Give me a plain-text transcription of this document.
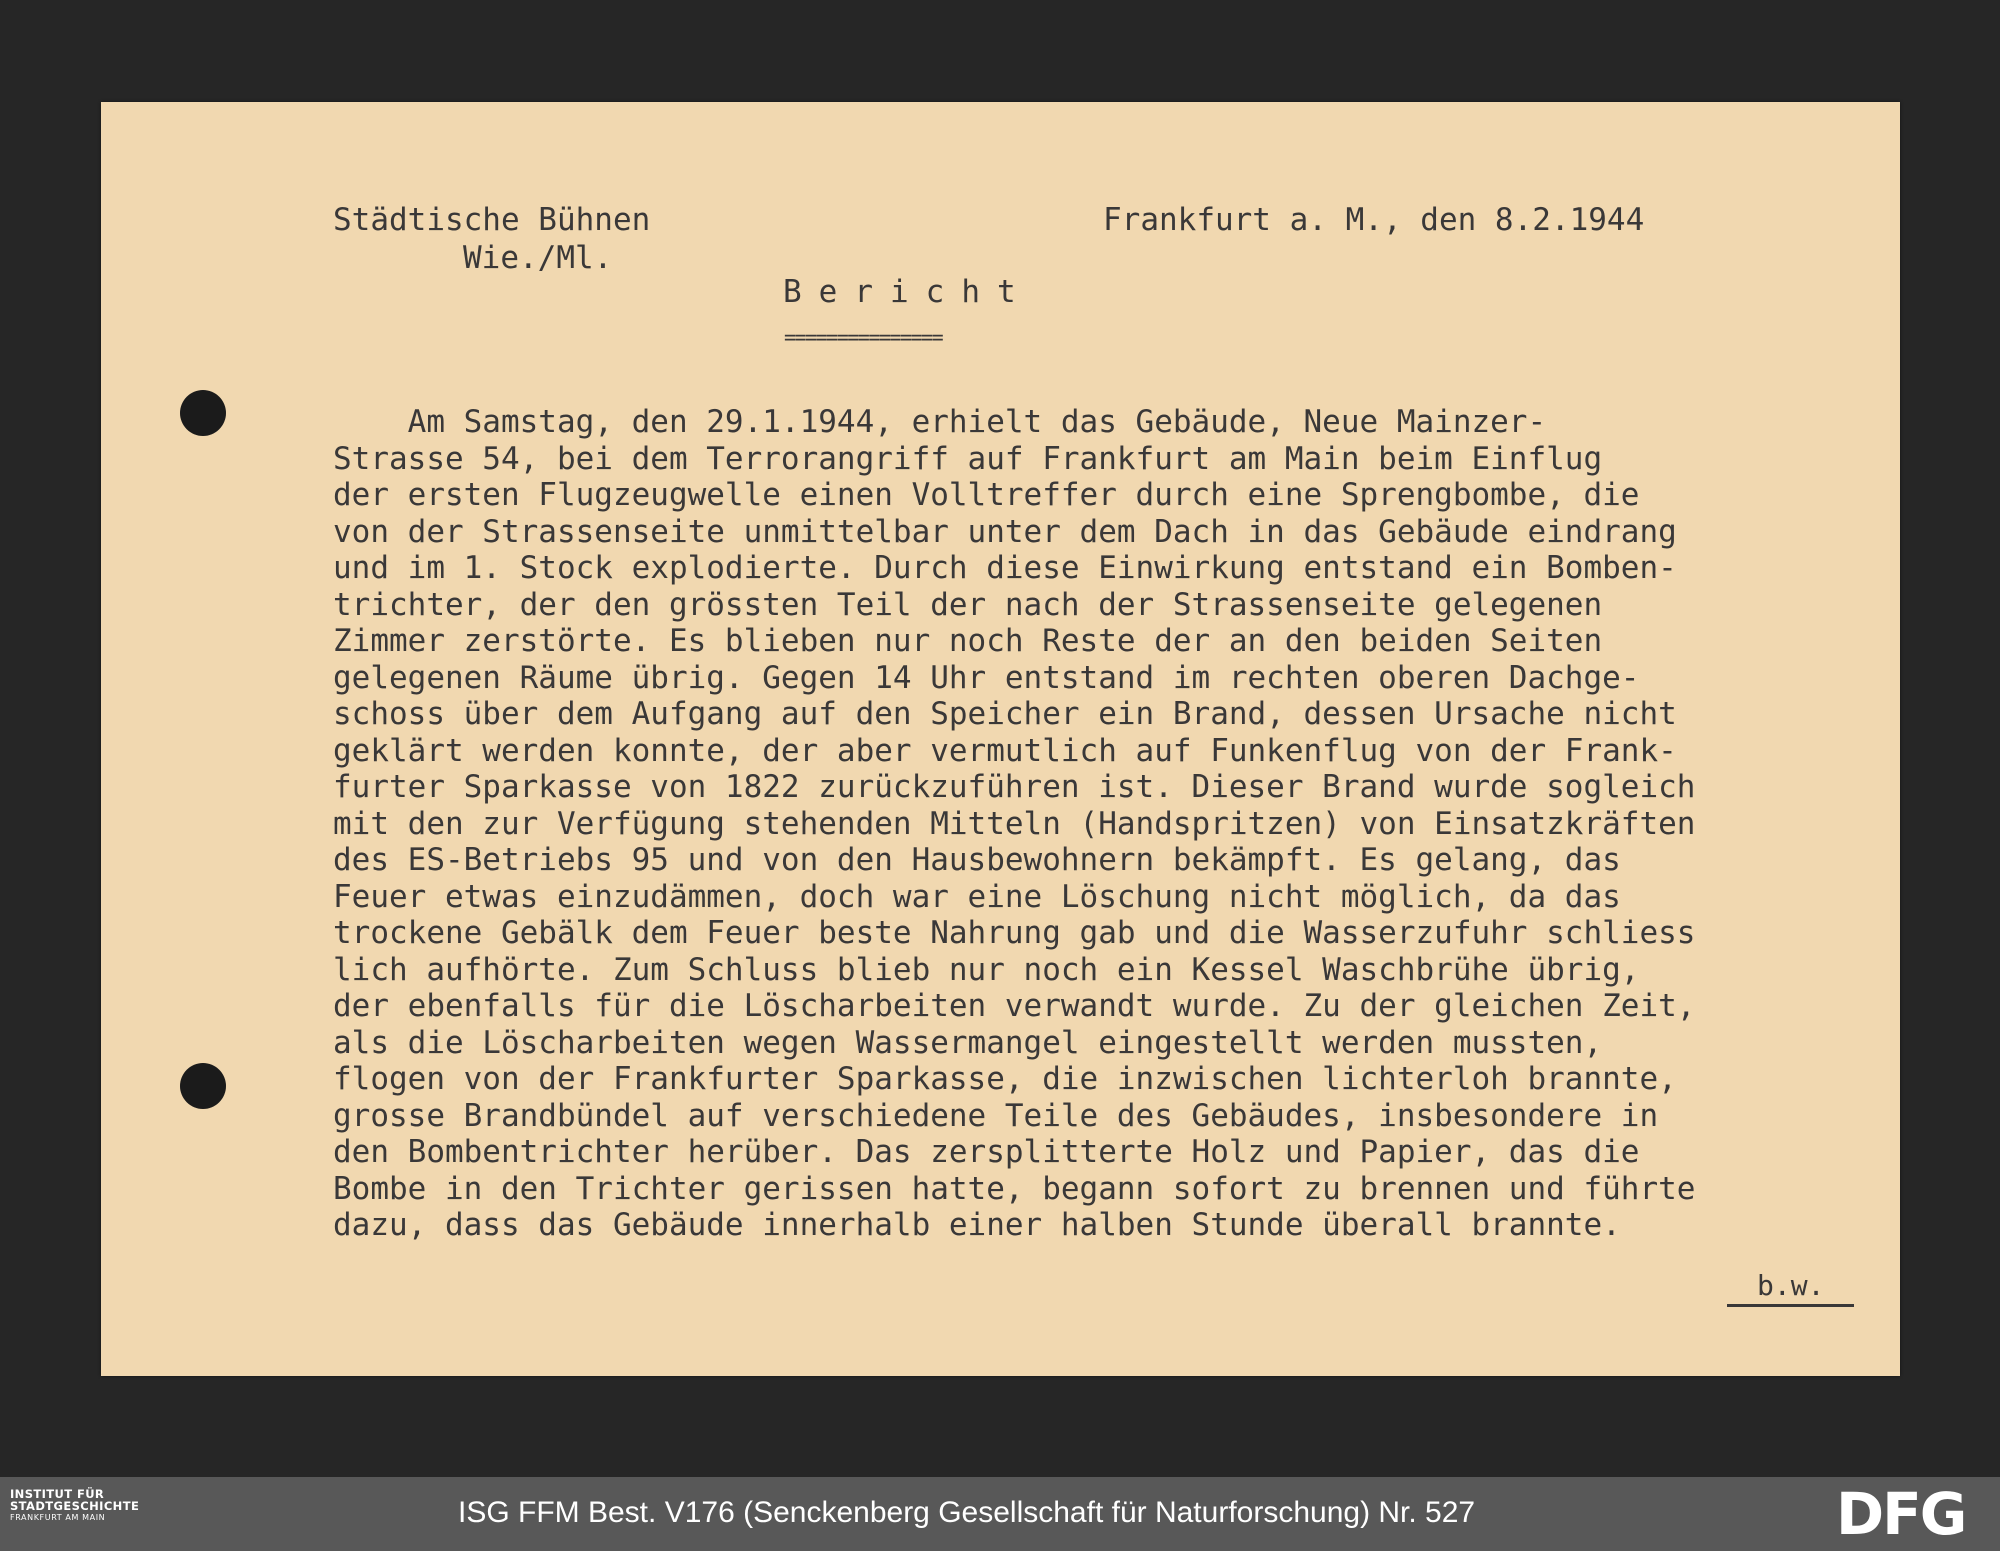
Städtische Bühnen
Wie./Ml.
Frankfurt a. M., den 8.2.1944
Bericht
===============
Am Samstag, den 29.1.1944, erhielt das Gebäude, Neue Mainzer-
Strasse 54, bei dem Terrorangriff auf Frankfurt am Main beim Einflug
der ersten Flugzeugwelle einen Volltreffer durch eine Sprengbombe, die
von der Strassenseite unmittelbar unter dem Dach in das Gebäude eindrang
und im 1. Stock explodierte. Durch diese Einwirkung entstand ein Bomben-
trichter, der den grössten Teil der nach der Strassenseite gelegenen
Zimmer zerstörte. Es blieben nur noch Reste der an den beiden Seiten
gelegenen Räume übrig. Gegen 14 Uhr entstand im rechten oberen Dachge-
schoss über dem Aufgang auf den Speicher ein Brand, dessen Ursache nicht
geklärt werden konnte, der aber vermutlich auf Funkenflug von der Frank-
furter Sparkasse von 1822 zurückzuführen ist. Dieser Brand wurde sogleich
mit den zur Verfügung stehenden Mitteln (Handspritzen) von Einsatzkräften
des ES-Betriebs 95 und von den Hausbewohnern bekämpft. Es gelang, das
Feuer etwas einzudämmen, doch war eine Löschung nicht möglich, da das
trockene Gebälk dem Feuer beste Nahrung gab und die Wasserzufuhr schliess
lich aufhörte. Zum Schluss blieb nur noch ein Kessel Waschbrühe übrig,
der ebenfalls für die Löscharbeiten verwandt wurde. Zu der gleichen Zeit,
als die Löscharbeiten wegen Wassermangel eingestellt werden mussten,
flogen von der Frankfurter Sparkasse, die inzwischen lichterloh brannte,
grosse Brandbündel auf verschiedene Teile des Gebäudes, insbesondere in
den Bombentrichter herüber. Das zersplitterte Holz und Papier, das die
Bombe in den Trichter gerissen hatte, begann sofort zu brennen und führte
dazu, dass das Gebäude innerhalb einer halben Stunde überall brannte.
b.w.
INSTITUT FÜR
STADTGESCHICHTE
FRANKFURT AM MAIN	ISG FFM Best. V176 (Senckenberg Gesellschaft für Naturforschung) Nr. 527	DFG
